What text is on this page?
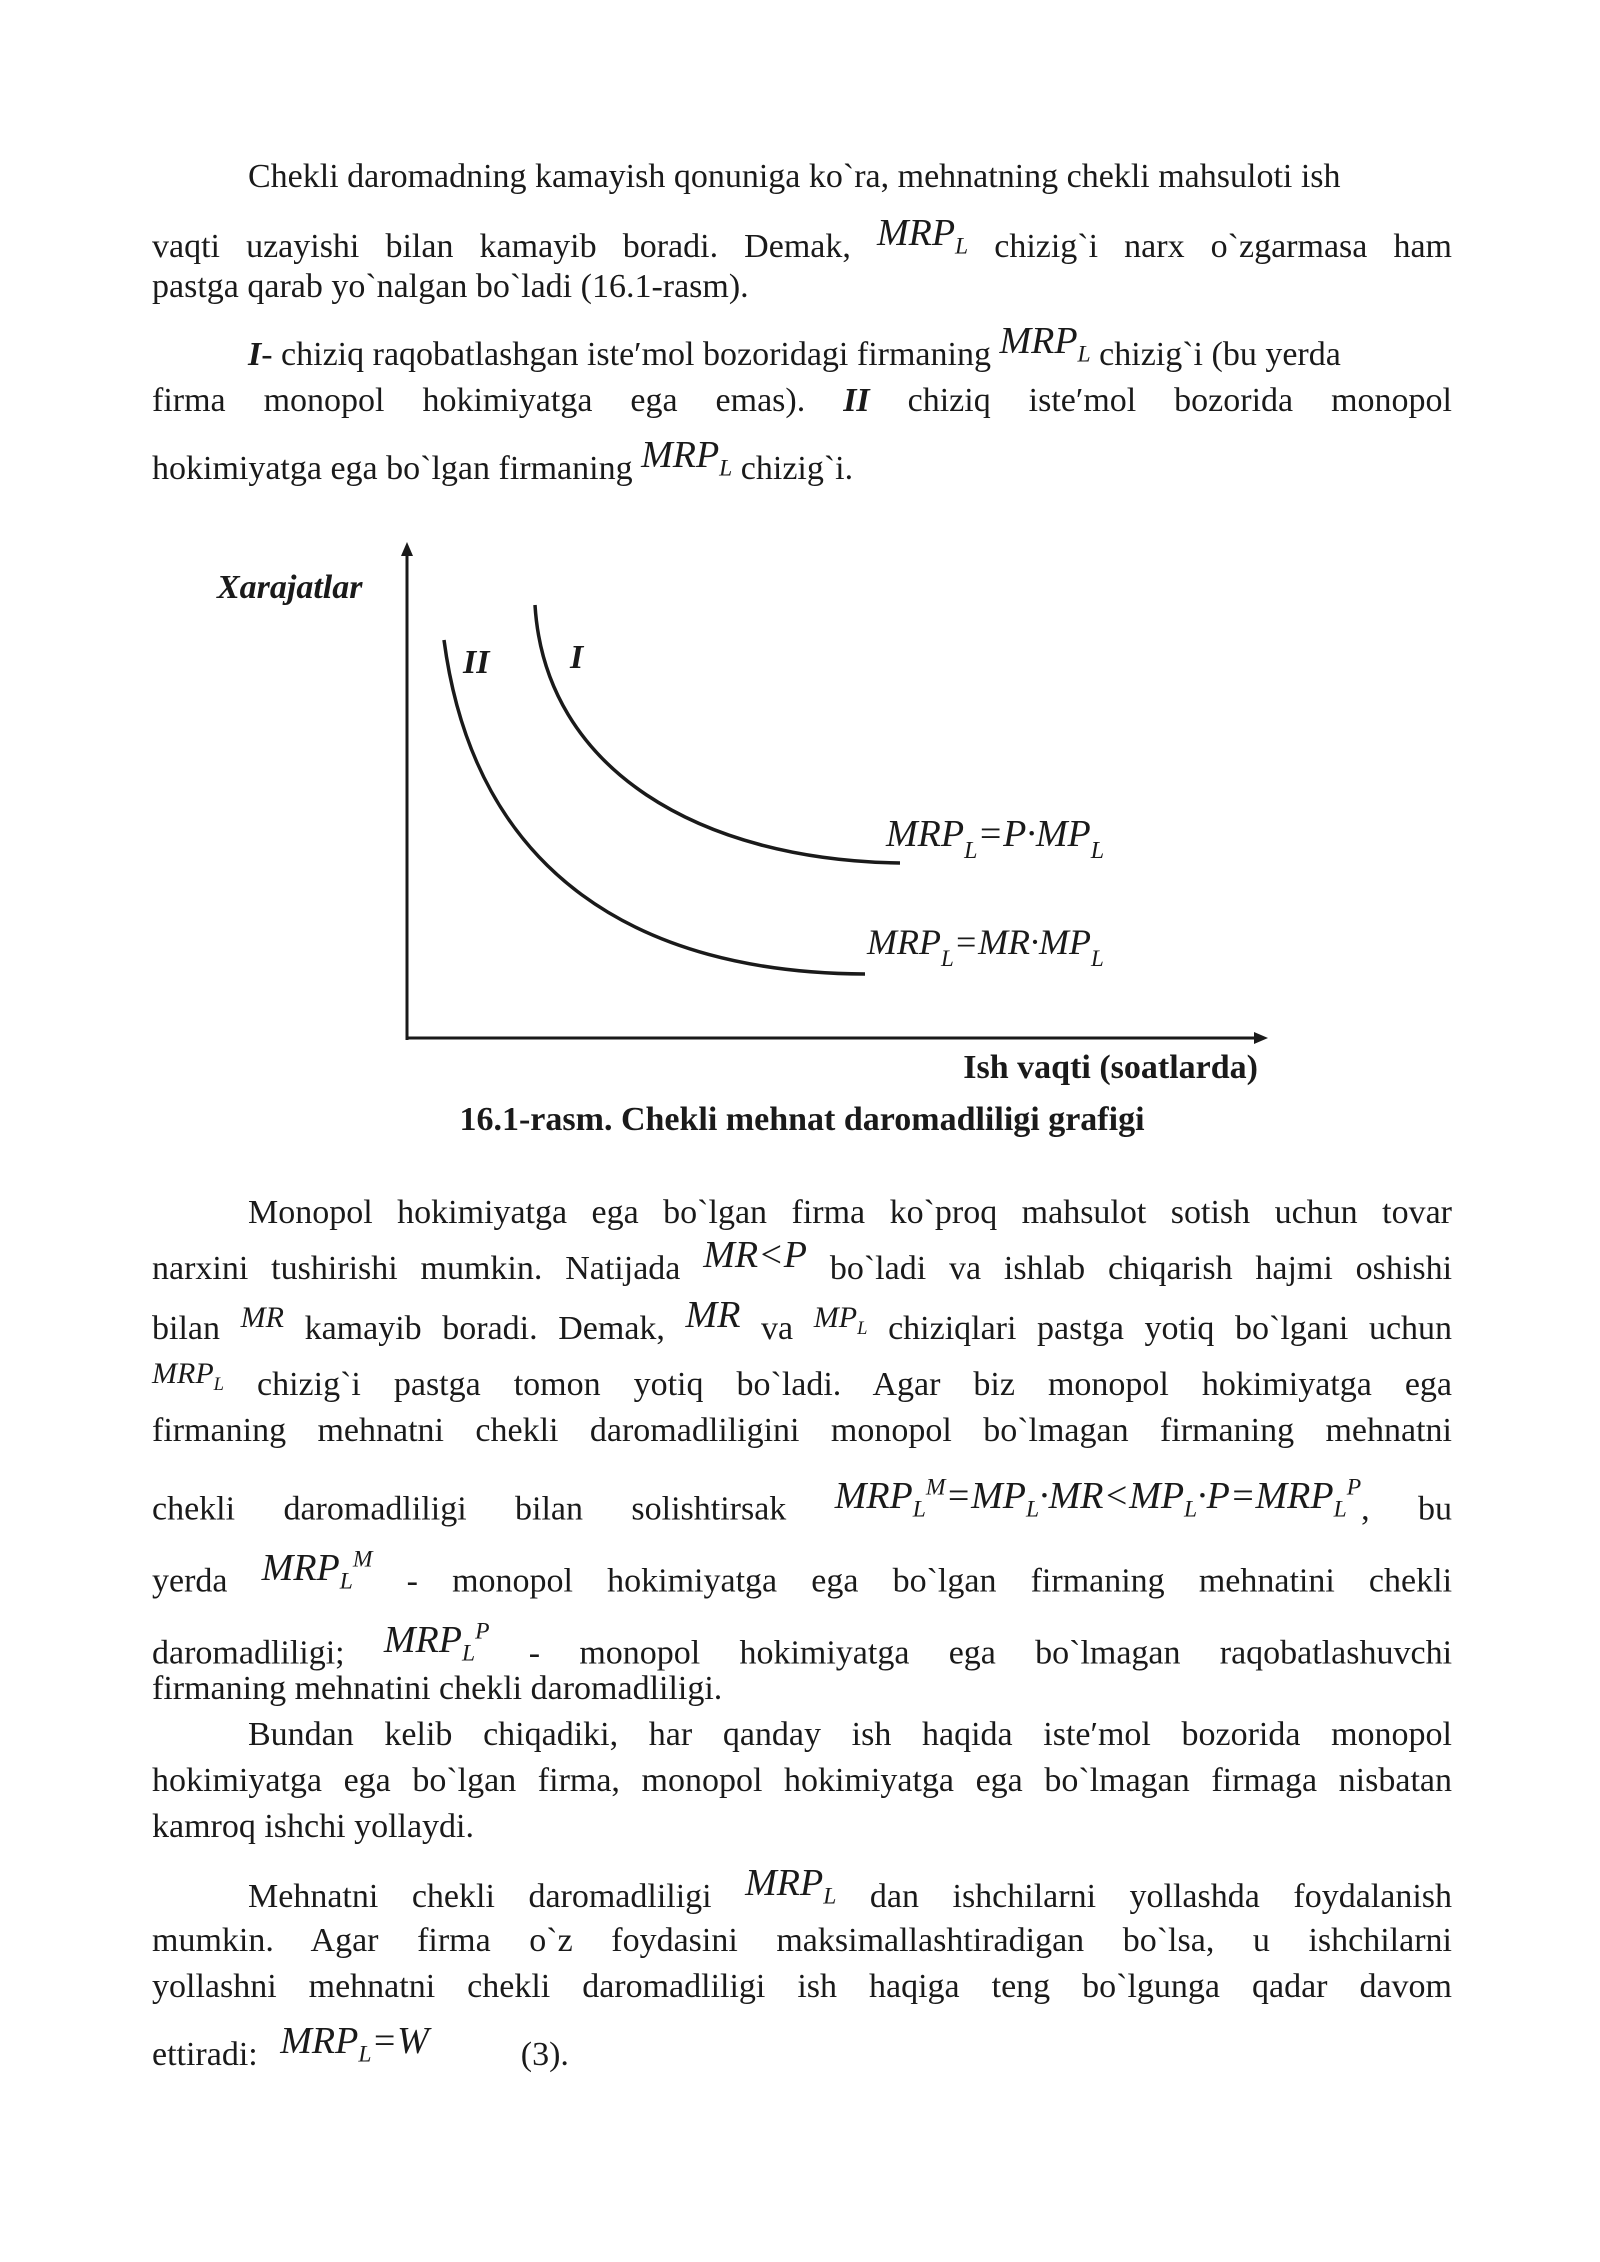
Chekli daromadning kamayish qonuniga ko`ra, mehnatning chekli mahsuloti ish
vaqti uzayishi bilan kamayib boradi. Demak, $MRP_L$ chizig`i narx o`zgarmasa ham
pastga qarab yo`nalgan bo`ladi (16.1-rasm).
I- chiziq raqobatlashgan iste′mol bozoridagi firmaning $MRP_L$ chizig`i (bu yerda
firma monopol hokimiyatga ega emas). II chiziq iste′mol bozorida monopol
hokimiyatga ega bo`lgan firmaning $MRP_L$ chizig`i.
Xarajatlar
II I
$MRP_L=P\cdot MP_L$
$MRP_L=MR\cdot MP_L$
Ish vaqti (soatlarda)
16.1-rasm. Chekli mehnat daromadliligi grafigi
Monopol hokimiyatga ega bo`lgan firma ko`proq mahsulot sotish uchun tovar
narxini tushirishi mumkin. Natijada MR<P bo`ladi va ishlab chiqarish hajmi oshishi
bilan MR kamayib boradi. Demak, MR va $MP_L$ chiziqlari pastga yotiq bo`lgani uchun
$MRP_L$ chizig`i pastga tomon yotiq bo`ladi. Agar biz monopol hokimiyatga ega
firmaning mehnatni chekli daromadliligini monopol bo`lmagan firmaning mehnatni
chekli daromadliligi bilan solishtirsak $MRP_L^M=MP_L\cdot MR<MP_L\cdot P=MRP_L^P$, bu
yerda $MRP_L^M$ - monopol hokimiyatga ega bo`lgan firmaning mehnatini chekli
daromadliligi; $MRP_L^P$ - monopol hokimiyatga ega bo`lmagan raqobatlashuvchi
firmaning mehnatini chekli daromadliligi.
Bundan kelib chiqadiki, har qanday ish haqida iste′mol bozorida monopol
hokimiyatga ega bo`lgan firma, monopol hokimiyatga ega bo`lmagan firmaga nisbatan
kamroq ishchi yollaydi.
Mehnatni chekli daromadliligi $MRP_L$ dan ishchilarni yollashda foydalanish
mumkin. Agar firma o`z foydasini maksimallashtiradigan bo`lsa, u ishchilarni
yollashni mehnatni chekli daromadliligi ish haqiga teng bo`lgunga qadar davom
ettiradi: $MRP_L=W$	(3).
